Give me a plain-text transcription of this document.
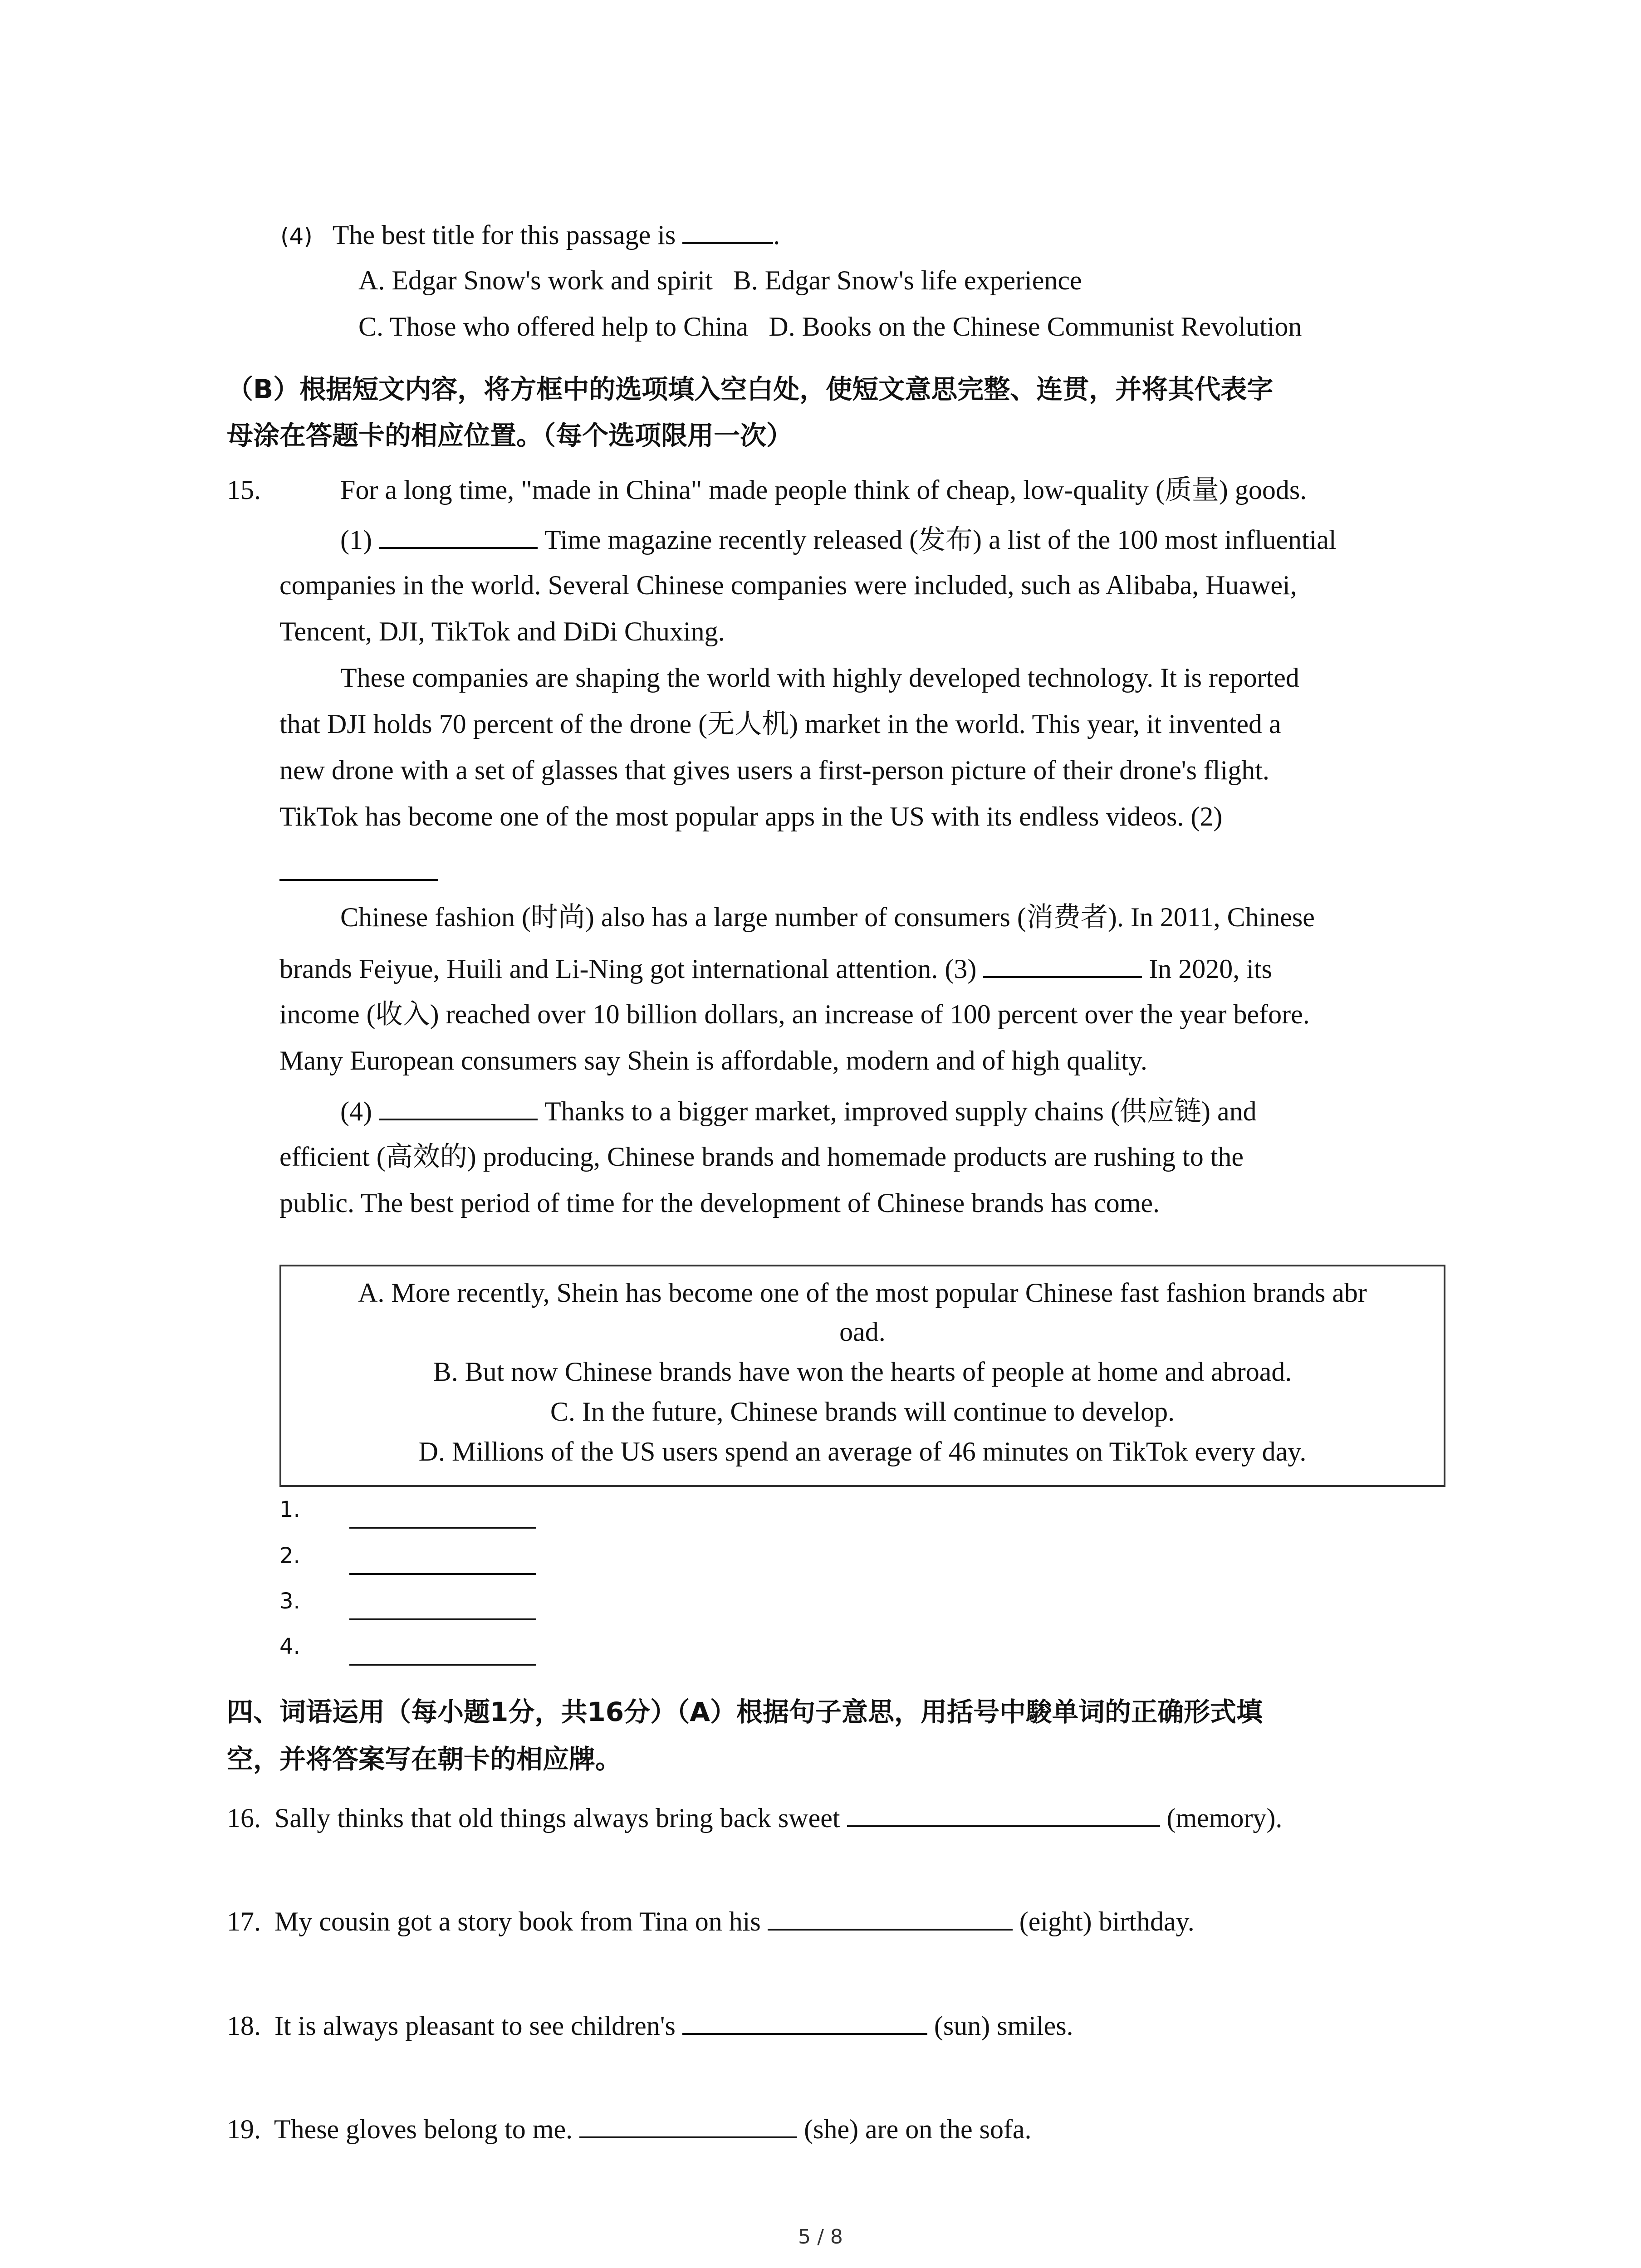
(4) The best title for this passage is	.
A. Edgar Snow's work and spirit B. Edgar Snow's life experience
C. Those who offered help to China D. Books on the Chinese Communist Revolution
（B）根据短文内容，将方框中的选项填入空白处，使短文意思完整、连贯，并将其代表字
母涂在答题卡的相应位置。（每个选项限用一次）
15.	For a long time, "made in China" made people think of cheap, low-quality (质量) goods.
(1)	Time magazine recently released (发布) a list of the 100 most influential
companies in the world. Several Chinese companies were included, such as Alibaba, Huawei,
Tencent, DJI, TikTok and DiDi Chuxing.
These companies are shaping the world with highly developed technology. It is reported
that DJI holds 70 percent of the drone (无人机) market in the world. This year, it invented a
new drone with a set of glasses that gives users a first-person picture of their drone's flight.
TikTok has become one of the most popular apps in the US with its endless videos. (2)
Chinese fashion (时尚) also has a large number of consumers (消费者). In 2011, Chinese
brands Feiyue, Huili and Li-Ning got international attention. (3)	In 2020, its
income (收入) reached over 10 billion dollars, an increase of 100 percent over the year before.
Many European consumers say Shein is affordable, modern and of high quality.
(4)	Thanks to a bigger market, improved supply chains (供应链) and
efficient (高效的) producing, Chinese brands and homemade products are rushing to the
public. The best period of time for the development of Chinese brands has come.
A. More recently, Shein has become one of the most popular Chinese fast fashion brands abr
oad.
B. But now Chinese brands have won the hearts of people at home and abroad.
C. In the future, Chinese brands will continue to develop.
D. Millions of the US users spend an average of 46 minutes on TikTok every day.
1.
2.
3.
4.
四、词语运用（每小题1分，共16分）（A）根据句子意思，用括号中駿单词的正确形式填
空，并将答案写在朝卡的相应牌。
16. Sally thinks that old things always bring back sweet	(memory).
17. My cousin got a story book from Tina on his	(eight) birthday.
18. It is always pleasant to see children's	(sun) smiles.
19. These gloves belong to me.	(she) are on the sofa.
5 / 8
